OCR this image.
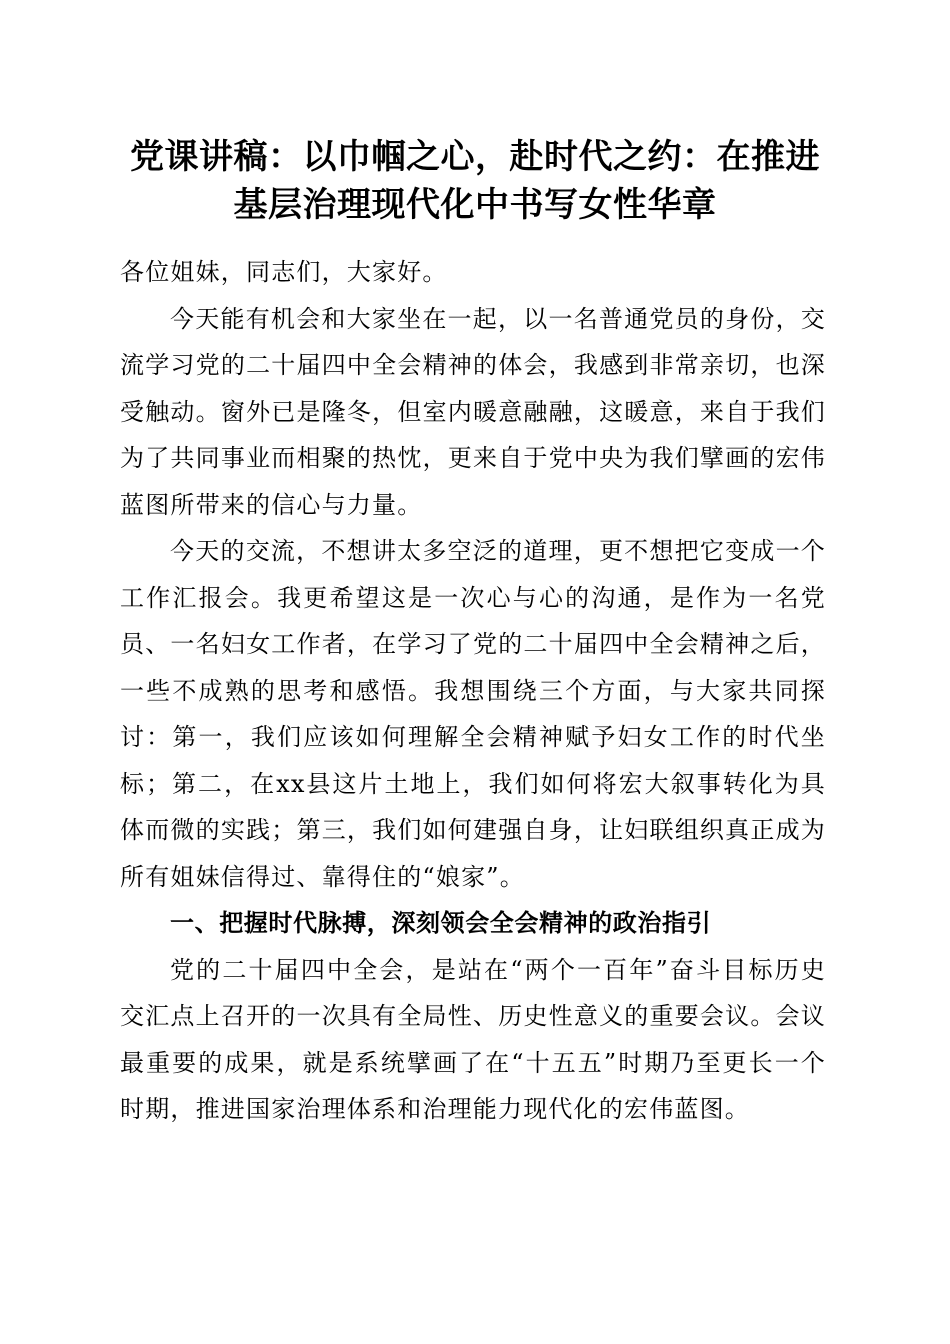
党课讲稿：以巾帼之心，赴时代之约：在推进
基层治理现代化中书写女性华章

各位姐妹，同志们，大家好。

今天能有机会和大家坐在一起，以一名普通党员的身份，交流学习党的二十届四中全会精神的体会，我感到非常亲切，也深受触动。窗外已是隆冬，但室内暖意融融，这暖意，来自于我们为了共同事业而相聚的热忱，更来自于党中央为我们擘画的宏伟蓝图所带来的信心与力量。

今天的交流，不想讲太多空泛的道理，更不想把它变成一个工作汇报会。我更希望这是一次心与心的沟通，是作为一名党员、一名妇女工作者，在学习了党的二十届四中全会精神之后，一些不成熟的思考和感悟。我想围绕三个方面，与大家共同探讨：第一，我们应该如何理解全会精神赋予妇女工作的时代坐标；第二，在xx县这片土地上，我们如何将宏大叙事转化为具体而微的实践；第三，我们如何建强自身，让妇联组织真正成为所有姐妹信得过、靠得住的“娘家”。

一、把握时代脉搏，深刻领会全会精神的政治指引

党的二十届四中全会，是站在“两个一百年”奋斗目标历史交汇点上召开的一次具有全局性、历史性意义的重要会议。会议最重要的成果，就是系统擘画了在“十五五”时期乃至更长一个时期，推进国家治理体系和治理能力现代化的宏伟蓝图。
